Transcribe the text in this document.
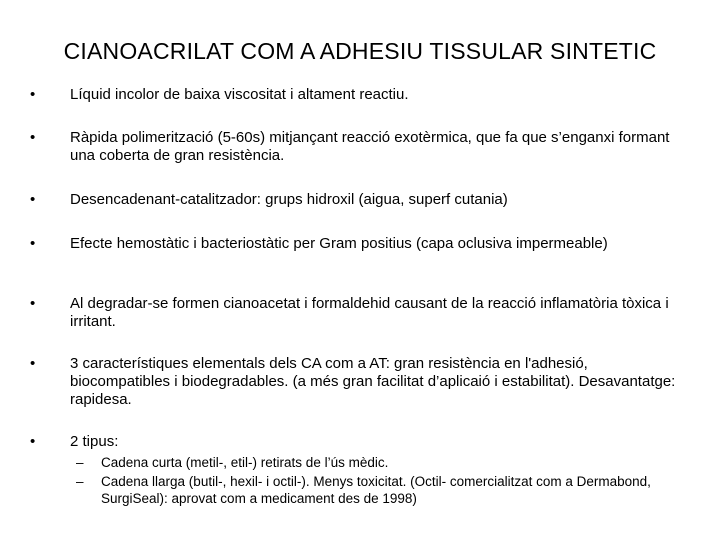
CIANOACRILAT COM A ADHESIU TISSULAR SINTETIC
• Líquid incolor de baixa viscositat i altament reactiu.
• Ràpida polimerització (5-60s) mitjançant reacció exotèrmica, que fa que s’enganxi formant una coberta de gran resistència.
• Desencadenant-catalitzador: grups hidroxil (aigua, superf cutania)
• Efecte hemostàtic i bacteriostàtic per Gram positius (capa oclusiva impermeable)
• Al degradar-se formen cianoacetat i formaldehid causant de la reacció inflamatòria tòxica i irritant.
• 3 característiques elementals dels CA com a AT: gran resistència en l'adhesió, biocompatibles i biodegradables. (a més gran facilitat d’aplicaió i estabilitat). Desavantatge: rapidesa.
• 2 tipus:
– Cadena curta (metil-, etil-) retirats de l’ús mèdic.
– Cadena llarga (butil-, hexil- i octil-). Menys toxicitat. (Octil- comercialitzat com a Dermabond, SurgiSeal): aprovat com a medicament des de 1998)
